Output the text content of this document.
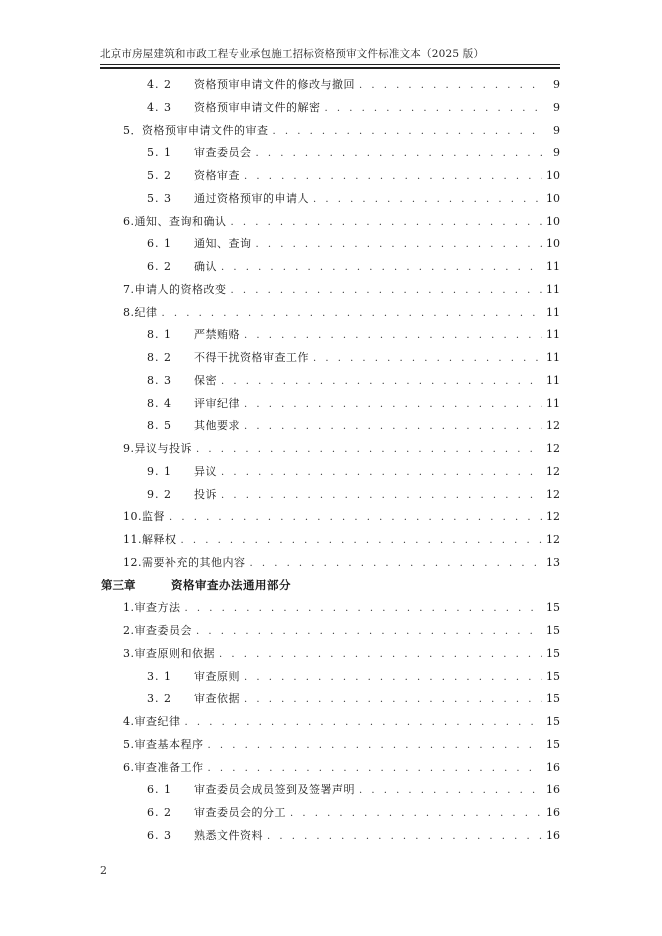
北京市房屋建筑和市政工程专业承包施工招标资格预审文件标准文本（2025 版）
4. 2	资格预审申请文件的修改与撤回 . . .	9
4. 3	资格预审申请文件的解密 . . .	9
5．资格预审申请文件的审查 . . .	9
5. 1	审查委员会 . . .	9
5. 2	资格审查 . . .	10
5. 3	通过资格预审的申请人 . . .	10
6.通知、查询和确认 . . .	10
6. 1	通知、查询 . . .	10
6. 2	确认 . . .	11
7.申请人的资格改变 . . .	11
8.纪律 . . .	11
8. 1	严禁贿赂 . . .	11
8. 2	不得干扰资格审查工作 . . .	11
8. 3	保密 . . .	11
8. 4	评审纪律 . . .	11
8. 5	其他要求 . . .	12
9.异议与投诉 . . .	12
9. 1	异议 . . .	12
9. 2	投诉 . . .	12
10.监督 . . .	12
11.解释权 . . .	12
12.需要补充的其他内容 . . .	13
第三章	资格审查办法通用部分
1.审查方法 . . .	15
2.审查委员会 . . .	15
3.审查原则和依据 . . .	15
3. 1	审查原则 . . .	15
3. 2	审查依据 . . .	15
4.审查纪律 . . .	15
5.审查基本程序 . . .	15
6.审查准备工作 . . .	16
6. 1	审查委员会成员签到及签署声明 . . .	16
6. 2	审查委员会的分工 . . .	16
6. 3	熟悉文件资料 . . .	16
2
